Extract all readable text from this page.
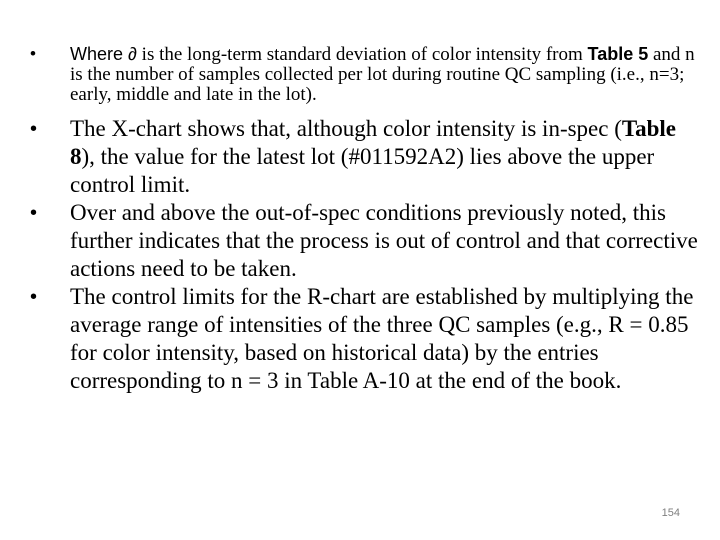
• Where ∂ is the long-term standard deviation of color intensity from Table 5 and n is the number of samples collected per lot during routine QC sampling (i.e., n=3; early, middle and late in the lot).
• The X-chart shows that, although color intensity is in-spec (Table 8), the value for the latest lot (#011592A2) lies above the upper control limit.
• Over and above the out-of-spec conditions previously noted, this further indicates that the process is out of control and that corrective actions need to be taken.
• The control limits for the R-chart are established by multiplying the average range of intensities of the three QC samples (e.g., R = 0.85 for color intensity, based on historical data) by the entries corresponding to n = 3 in Table A-10 at the end of the book.
154
